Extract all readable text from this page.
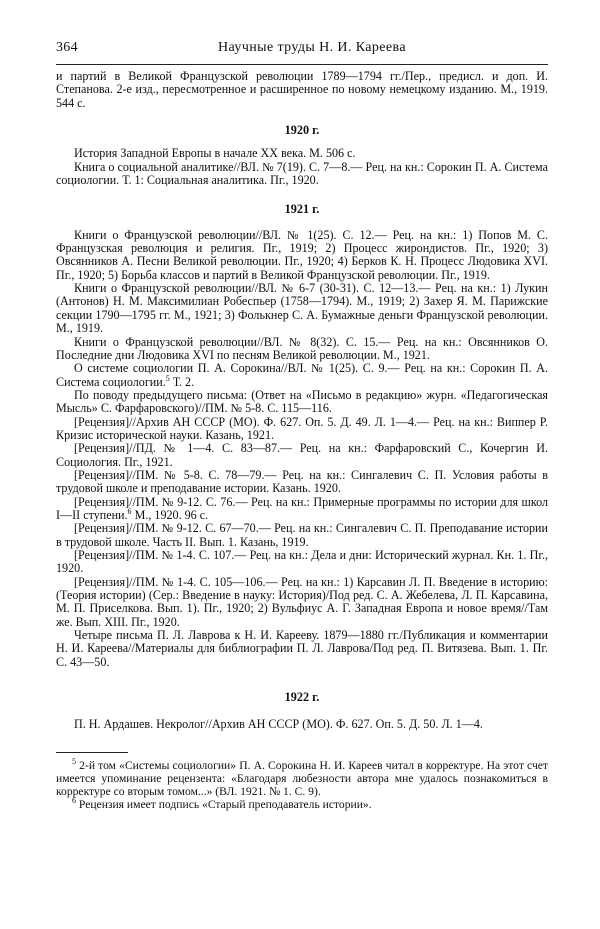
364	Научные труды Н. И. Кареева

и партий в Великой Французской революции 1789—1794 гг./Пер., предисл. и доп. И. Степанова. 2-е изд., пересмотренное и расширенное по новому немецкому изданию. М., 1919. 544 с.

1920 г.

История Западной Европы в начале XX века. М. 506 с.

Книга о социальной аналитике//ВЛ. № 7(19). С. 7—8.— Рец. на кн.: Сорокин П. А. Система социологии. Т. 1: Социальная аналитика. Пг., 1920.

1921 г.

Книги о Французской революции//ВЛ. № 1(25). С. 12.— Рец. на кн.: 1) Попов М. С. Французская революция и религия. Пг., 1919; 2) Процесс жирондистов. Пг., 1920; 3) Овсянников А. Песни Великой революции. Пг., 1920; 4) Берков К. Н. Процесс Людовика XVI. Пг., 1920; 5) Борьба классов и партий в Великой Французской революции. Пг., 1919.

Книги о Французской революции//ВЛ. № 6-7 (30-31). С. 12—13.— Рец. на кн.: 1) Лукин (Антонов) Н. М. Максимилиан Робеспьер (1758—1794). М., 1919; 2) Захер Я. М. Парижские секции 1790—1795 гг. М., 1921; 3) Фолькнер С. А. Бумажные деньги Французской революции. М., 1919.

Книги о Французской революции//ВЛ. № 8(32). С. 15.— Рец. на кн.: Овсянников О. Последние дни Людовика XVI по песням Великой революции. М., 1921.

О системе социологии П. А. Сорокина//ВЛ. № 1(25). С. 9.— Рец. на кн.: Сорокин П. А. Система социологии.$^5$ Т. 2.

По поводу предыдущего письма: (Ответ на «Письмо в редакцию» журн. «Педагогическая Мысль» С. Фарфаровского)//ПМ. № 5-8. С. 115—116.

[Рецензия]//Архив АН СССР (МО). Ф. 627. Оп. 5. Д. 49. Л. 1—4.— Рец. на кн.: Виппер Р. Кризис исторической науки. Казань, 1921.

[Рецензия]//ПД. № 1—4. С. 83—87.— Рец. на кн.: Фарфаровский С., Кочергин И. Социология. Пг., 1921.

[Рецензия]//ПМ. № 5-8. С. 78—79.— Рец. на кн.: Сингалевич С. П. Условия работы в трудовой школе и преподавание истории. Казань. 1920.

[Рецензия]//ПМ. № 9-12. С. 76.— Рец. на кн.: Примерные программы по истории для школ I—II ступени.$^6$ М., 1920. 96 с.

[Рецензия]//ПМ. № 9-12. С. 67—70.— Рец. на кн.: Сингалевич С. П. Преподавание истории в трудовой школе. Часть II. Вып. 1. Казань, 1919.

[Рецензия]//ПМ. № 1-4. С. 107.— Рец. на кн.: Дела и дни: Исторический журнал. Кн. 1. Пг., 1920.

[Рецензия]//ПМ. № 1-4. С. 105—106.— Рец. на кн.: 1) Карсавин Л. П. Введение в историю: (Теория истории) (Сер.: Введение в науку: История)/Под ред. С. А. Жебелева, Л. П. Карсавина, М. П. Приселкова. Вып. 1). Пг., 1920; 2) Вульфиус А. Г. Западная Европа и новое время//Там же. Вып. XIII. Пг., 1920.

Четыре письма П. Л. Лаврова к Н. И. Карееву. 1879—1880 гг./Публикация и комментарии Н. И. Кареева//Материалы для библиографии П. Л. Лаврова/Под ред. П. Витязева. Вып. 1. Пг. С. 43—50.

1922 г.

П. Н. Ардашев. Некролог//Архив АН СССР (МО). Ф. 627. Оп. 5. Д. 50. Л. 1—4.

$^5$ 2-й том «Системы социологии» П. А. Сорокина Н. И. Кареев читал в корректуре. На этот счет имеется упоминание рецензента: «Благодаря любезности автора мне удалось познакомиться в корректуре со вторым томом...» (ВЛ. 1921. № 1. С. 9).

$^6$ Рецензия имеет подпись «Старый преподаватель истории».
